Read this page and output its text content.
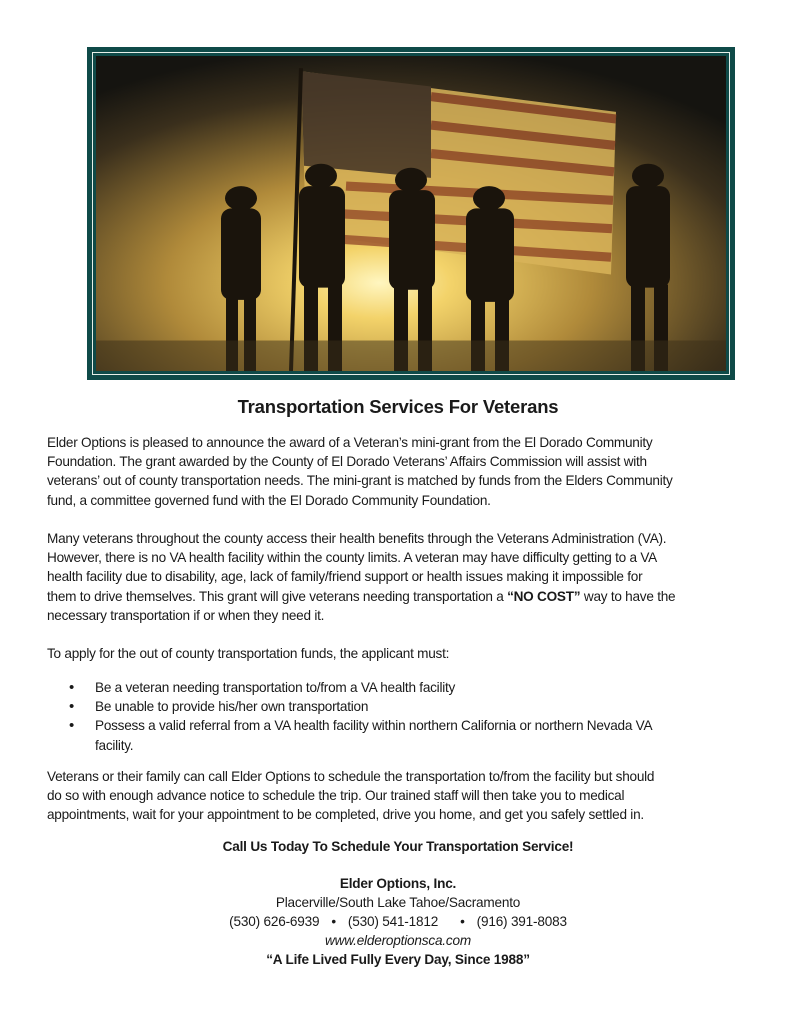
Transportation Services For Veterans
Elder Options is pleased to announce the award of a Veteran’s mini-grant from the El Dorado Community
Foundation. The grant awarded by the County of El Dorado Veterans’ Affairs Commission will assist with
veterans’ out of county transportation needs. The mini-grant is matched by funds from the Elders Community
fund, a committee governed fund with the El Dorado Community Foundation.
Many veterans throughout the county access their health benefits through the Veterans Administration (VA).
However, there is no VA health facility within the county limits. A veteran may have difficulty getting to a VA
health facility due to disability, age, lack of family/friend support or health issues making it impossible for
them to drive themselves. This grant will give veterans needing transportation a “NO COST” way to have the
necessary transportation if or when they need it.
To apply for the out of county transportation funds, the applicant must:
• Be a veteran needing transportation to/from a VA health facility
• Be unable to provide his/her own transportation
• Possess a valid referral from a VA health facility within northern California or northern Nevada VA
facility.
Veterans or their family can call Elder Options to schedule the transportation to/from the facility but should
do so with enough advance notice to schedule the trip. Our trained staff will then take you to medical
appointments, wait for your appointment to be completed, drive you home, and get you safely settled in.
Call Us Today To Schedule Your Transportation Service!
Elder Options, Inc.
Placerville/South Lake Tahoe/Sacramento
(530) 626-6939 • (530) 541-1812 • (916) 391-8083
www.elderoptionsca.com
“A Life Lived Fully Every Day, Since 1988”
